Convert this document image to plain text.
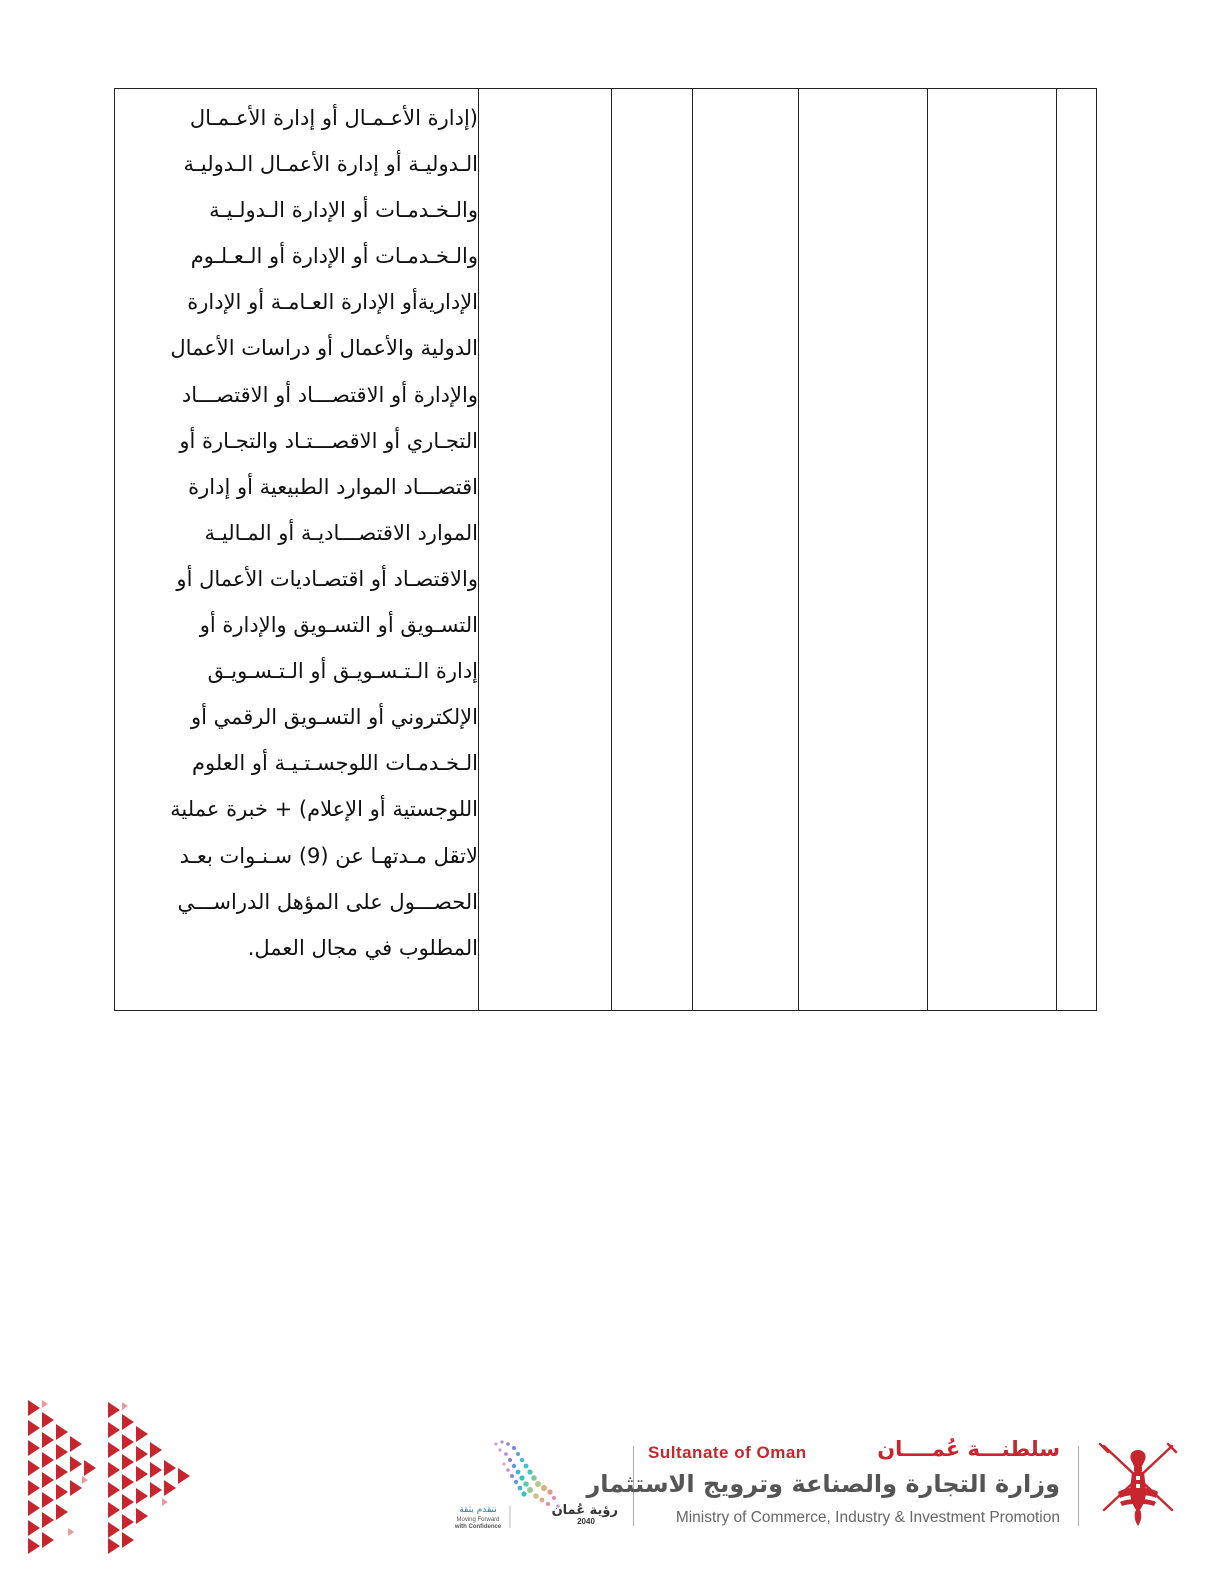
(إدارة الأعـمـال أو إدارة الأعـمـال

الـدوليـة أو إدارة الأعمـال الـدوليـة

والـخـدمـات أو الإدارة الـدولـيـة

والـخـدمـات أو الإدارة أو الـعـلـوم

الإداريةأو الإدارة العـامـة أو الإدارة

الدولية والأعمال أو دراسات الأعمال

والإدارة أو الاقتصـــاد أو الاقتصـــاد

التجـاري أو الاقصـــتـاد والتجـارة أو

اقتصـــاد الموارد الطبيعية أو إدارة

الموارد الاقتصـــاديـة أو المـاليـة

والاقتصـاد أو اقتصـاديات الأعمال أو

التسـويق أو التسـويق والإدارة أو

إدارة الـتـسـويـق أو الـتـسـويـق

الإلكتروني أو التسـويق الرقمي أو

الـخـدمـات اللوجسـتـيـة أو العلوم

اللوجستية أو الإعلام) + خبرة عملية

لاتقل مـدتهـا عن (9) سـنـوات بعـد

الحصـــول على المؤهل الدراســـي

المطلوب في مجال العمل.

رؤية عُمان
2040
نتقدم بثقة
Moving Forward
with Confidence
Sultanate of Oman	سلطنـــة عُمــــان
وزارة التجارة والصناعة وترويج الاستثمار
Ministry of Commerce, Industry & Investment Promotion
